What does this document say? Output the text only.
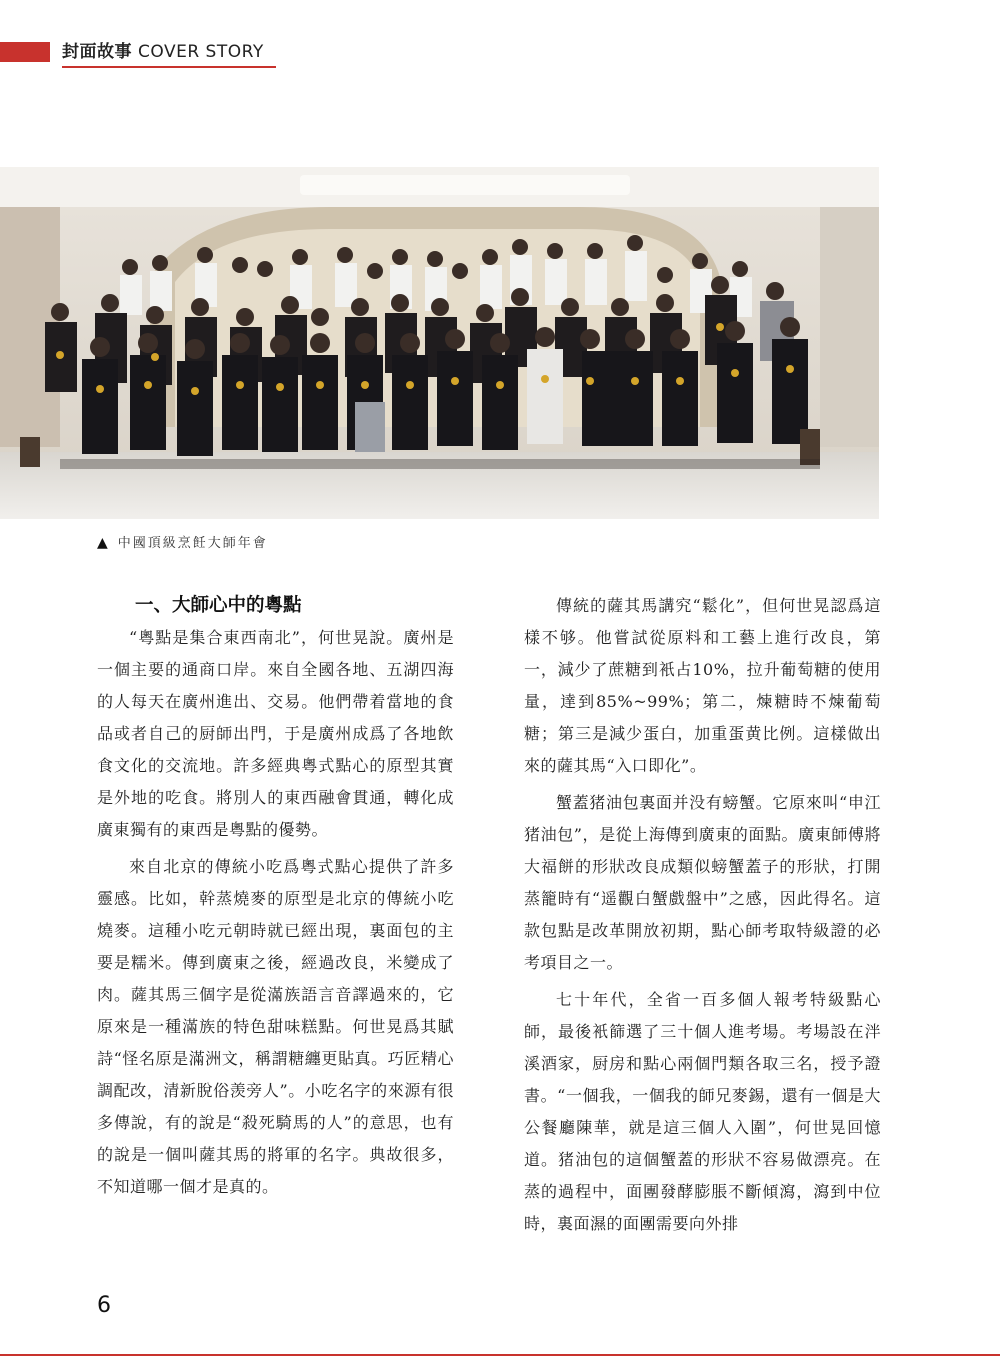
封面故事 COVER STORY
▲ 中國頂級烹飪大師年會
一、大師心中的粵點

“粵點是集合東西南北”，何世晃說。廣州是一個主要的通商口岸。來自全國各地、五湖四海的人每天在廣州進出、交易。他們帶着當地的食品或者自己的厨師出門，于是廣州成爲了各地飲食文化的交流地。許多經典粵式點心的原型其實是外地的吃食。將別人的東西融會貫通，轉化成廣東獨有的東西是粵點的優勢。

來自北京的傳統小吃爲粵式點心提供了許多靈感。比如，幹蒸燒麥的原型是北京的傳統小吃燒麥。這種小吃元朝時就已經出現，裏面包的主要是糯米。傳到廣東之後，經過改良，米變成了肉。薩其馬三個字是從滿族語言音譯過來的，它原來是一種滿族的特色甜味糕點。何世晃爲其賦詩“怪名原是滿洲文，稱謂糖纏更貼真。巧匠精心調配改，清新脫俗羡旁人”。小吃名字的來源有很多傳說，有的說是“殺死騎馬的人”的意思，也有的說是一個叫薩其馬的將軍的名字。典故很多，不知道哪一個才是真的。

傳統的薩其馬講究“鬆化”，但何世晃認爲這樣不够。他嘗試從原料和工藝上進行改良，第一，減少了蔗糖到衹占10%，拉升葡萄糖的使用量，達到85%~99%；第二，煉糖時不煉葡萄糖；第三是減少蛋白，加重蛋黄比例。這樣做出來的薩其馬“入口即化”。

蟹蓋猪油包裏面并没有螃蟹。它原來叫“申江猪油包”，是從上海傳到廣東的面點。廣東師傅將大福餅的形狀改良成類似螃蟹蓋子的形狀，打開蒸籠時有“遥觀白蟹戲盤中”之感，因此得名。這款包點是改革開放初期，點心師考取特級證的必考項目之一。

七十年代，全省一百多個人報考特級點心師，最後衹篩選了三十個人進考場。考場設在泮溪酒家，厨房和點心兩個門類各取三名，授予證書。“一個我，一個我的師兄麥錫，還有一個是大公餐廳陳華，就是這三個人入圍”，何世晃回憶道。猪油包的這個蟹蓋的形狀不容易做漂亮。在蒸的過程中，面團發酵膨脹不斷傾瀉，瀉到中位時，裏面濕的面團需要向外排

6
